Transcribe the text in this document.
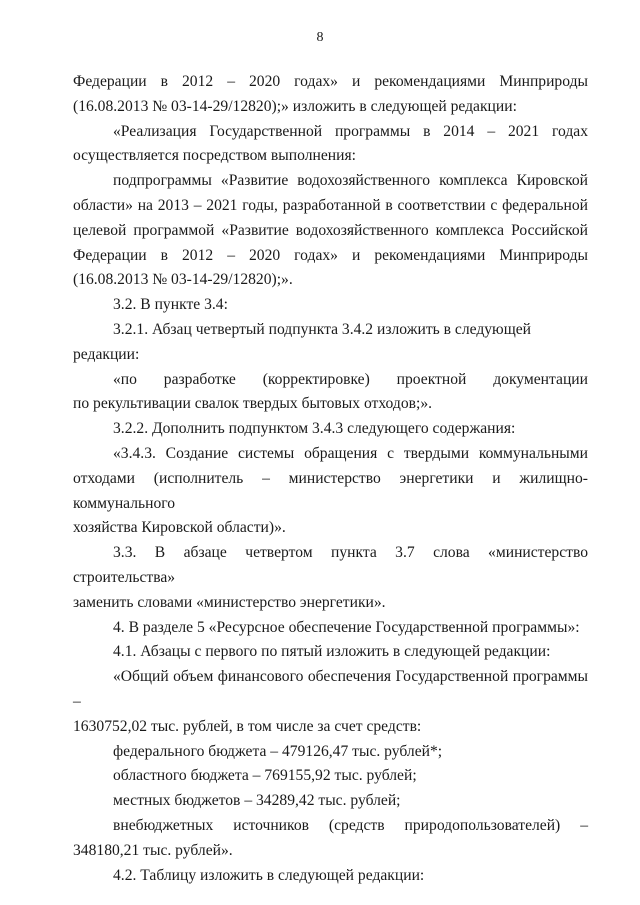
8

Федерации в 2012 – 2020 годах» и рекомендациями Минприроды
(16.08.2013 № 03-14-29/12820);» изложить в следующей редакции:

«Реализация Государственной программы в 2014 – 2021 годах
осуществляется посредством выполнения:

подпрограммы «Развитие водохозяйственного комплекса Кировской
области» на 2013 – 2021 годы, разработанной в соответствии с федеральной
целевой программой «Развитие водохозяйственного комплекса Российской
Федерации в 2012 – 2020 годах» и рекомендациями Минприроды
(16.08.2013 № 03-14-29/12820);».

3.2. В пункте 3.4:

3.2.1. Абзац четвертый подпункта 3.4.2 изложить в следующей редакции:

«по разработке (корректировке) проектной документации
по рекультивации свалок твердых бытовых отходов;».

3.2.2. Дополнить подпунктом 3.4.3 следующего содержания:

«3.4.3. Создание системы обращения с твердыми коммунальными
отходами (исполнитель – министерство энергетики и жилищно-коммунального
хозяйства Кировской области)».

3.3. В абзаце четвертом пункта 3.7 слова «министерство строительства»
заменить словами «министерство энергетики».

4. В разделе 5 «Ресурсное обеспечение Государственной программы»:

4.1. Абзацы с первого по пятый изложить в следующей редакции:

«Общий объем финансового обеспечения Государственной программы –
1630752,02 тыс. рублей, в том числе за счет средств:

федерального бюджета – 479126,47 тыс. рублей*;

областного бюджета – 769155,92 тыс. рублей;

местных бюджетов – 34289,42 тыс. рублей;

внебюджетных источников (средств природопользователей) –
348180,21 тыс. рублей».

4.2. Таблицу изложить в следующей редакции:
